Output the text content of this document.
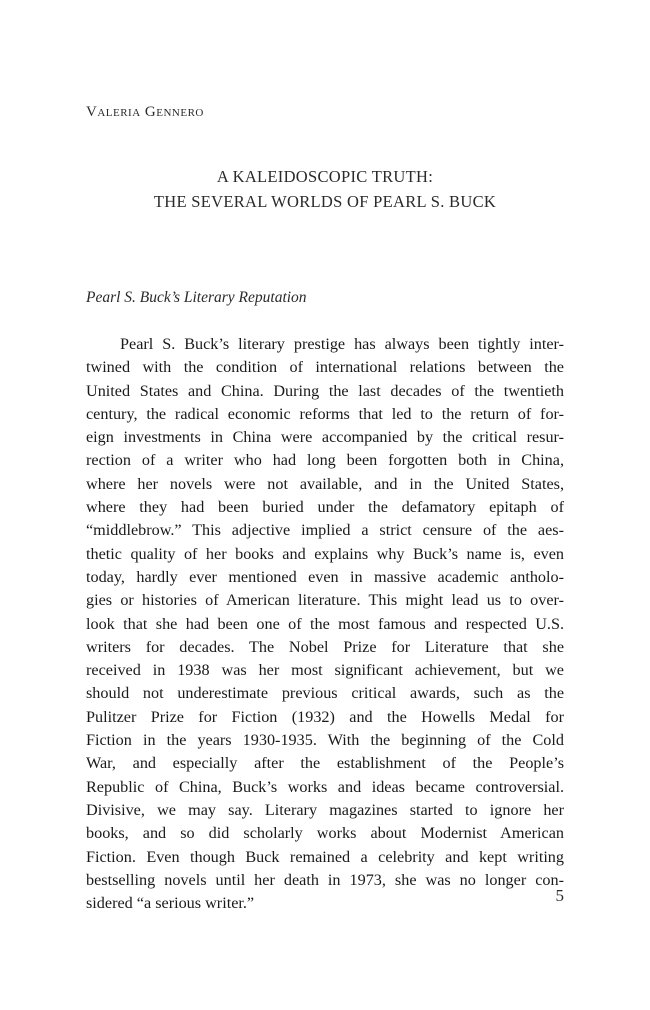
Valeria Gennero
A KALEIDOSCOPIC TRUTH:
THE SEVERAL WORLDS OF PEARL S. BUCK
Pearl S. Buck’s Literary Reputation
Pearl S. Buck’s literary prestige has always been tightly inter-
twined with the condition of international relations between the
United States and China. During the last decades of the twentieth
century, the radical economic reforms that led to the return of for-
eign investments in China were accompanied by the critical resur-
rection of a writer who had long been forgotten both in China,
where her novels were not available, and in the United States,
where they had been buried under the defamatory epitaph of
“middlebrow.” This adjective implied a strict censure of the aes-
thetic quality of her books and explains why Buck’s name is, even
today, hardly ever mentioned even in massive academic antholo-
gies or histories of American literature. This might lead us to over-
look that she had been one of the most famous and respected U.S.
writers for decades. The Nobel Prize for Literature that she
received in 1938 was her most significant achievement, but we
should not underestimate previous critical awards, such as the
Pulitzer Prize for Fiction (1932) and the Howells Medal for
Fiction in the years 1930-1935. With the beginning of the Cold
War, and especially after the establishment of the People’s
Republic of China, Buck’s works and ideas became controversial.
Divisive, we may say. Literary magazines started to ignore her
books, and so did scholarly works about Modernist American
Fiction. Even though Buck remained a celebrity and kept writing
bestselling novels until her death in 1973, she was no longer con-
sidered “a serious writer.”	5
